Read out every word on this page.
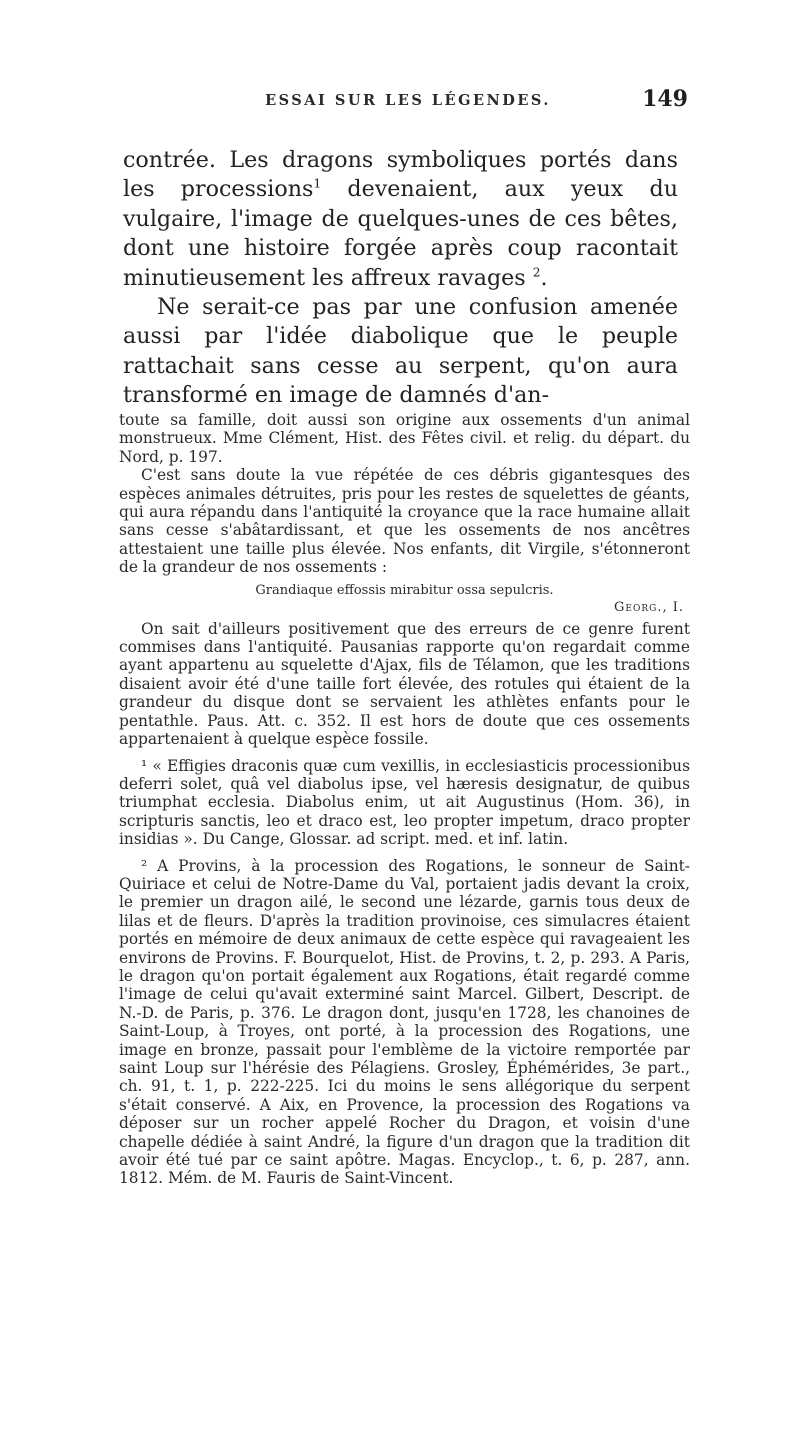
ESSAI SUR LES LÉGENDES.	149

contrée. Les dragons symboliques portés dans les processions$^1$ devenaient, aux yeux du vulgaire, l'image de quelques-unes de ces bêtes, dont une histoire forgée après coup racontait minutieusement les affreux ravages $^2$.

Ne serait-ce pas par une confusion amenée aussi par l'idée diabolique que le peuple rattachait sans cesse au serpent, qu'on aura transformé en image de damnés d'an-

toute sa famille, doit aussi son origine aux ossements d'un animal monstrueux. Mme Clément, Hist. des Fêtes civil. et relig. du départ. du Nord, p. 197.

C'est sans doute la vue répétée de ces débris gigantesques des espèces animales détruites, pris pour les restes de squelettes de géants, qui aura répandu dans l'antiquité la croyance que la race humaine allait sans cesse s'abâtardissant, et que les ossements de nos ancêtres attestaient une taille plus élevée. Nos enfants, dit Virgile, s'étonneront de la grandeur de nos ossements :

Grandiaque effossis mirabitur ossa sepulcris.
Georg., I.

On sait d'ailleurs positivement que des erreurs de ce genre furent commises dans l'antiquité. Pausanias rapporte qu'on regardait comme ayant appartenu au squelette d'Ajax, fils de Télamon, que les traditions disaient avoir été d'une taille fort élevée, des rotules qui étaient de la grandeur du disque dont se servaient les athlètes enfants pour le pentathle. Paus. Att. c. 352. Il est hors de doute que ces ossements appartenaient à quelque espèce fossile.

¹ « Effigies draconis quæ cum vexillis, in ecclesiasticis processionibus deferri solet, quâ vel diabolus ipse, vel hæresis designatur, de quibus triumphat ecclesia. Diabolus enim, ut ait Augustinus (Hom. 36), in scripturis sanctis, leo et draco est, leo propter impetum, draco propter insidias ». Du Cange, Glossar. ad script. med. et inf. latin.

² A Provins, à la procession des Rogations, le sonneur de Saint-Quiriace et celui de Notre-Dame du Val, portaient jadis devant la croix, le premier un dragon ailé, le second une lézarde, garnis tous deux de lilas et de fleurs. D'après la tradition provinoise, ces simulacres étaient portés en mémoire de deux animaux de cette espèce qui ravageaient les environs de Provins. F. Bourquelot, Hist. de Provins, t. 2, p. 293. A Paris, le dragon qu'on portait également aux Rogations, était regardé comme l'image de celui qu'avait exterminé saint Marcel. Gilbert, Descript. de N.-D. de Paris, p. 376. Le dragon dont, jusqu'en 1728, les chanoines de Saint-Loup, à Troyes, ont porté, à la procession des Rogations, une image en bronze, passait pour l'emblème de la victoire remportée par saint Loup sur l'hérésie des Pélagiens. Grosley, Éphémérides, 3e part., ch. 91, t. 1, p. 222-225. Ici du moins le sens allégorique du serpent s'était conservé. A Aix, en Provence, la procession des Rogations va déposer sur un rocher appelé Rocher du Dragon, et voisin d'une chapelle dédiée à saint André, la figure d'un dragon que la tradition dit avoir été tué par ce saint apôtre. Magas. Encyclop., t. 6, p. 287, ann. 1812. Mém. de M. Fauris de Saint-Vincent.
